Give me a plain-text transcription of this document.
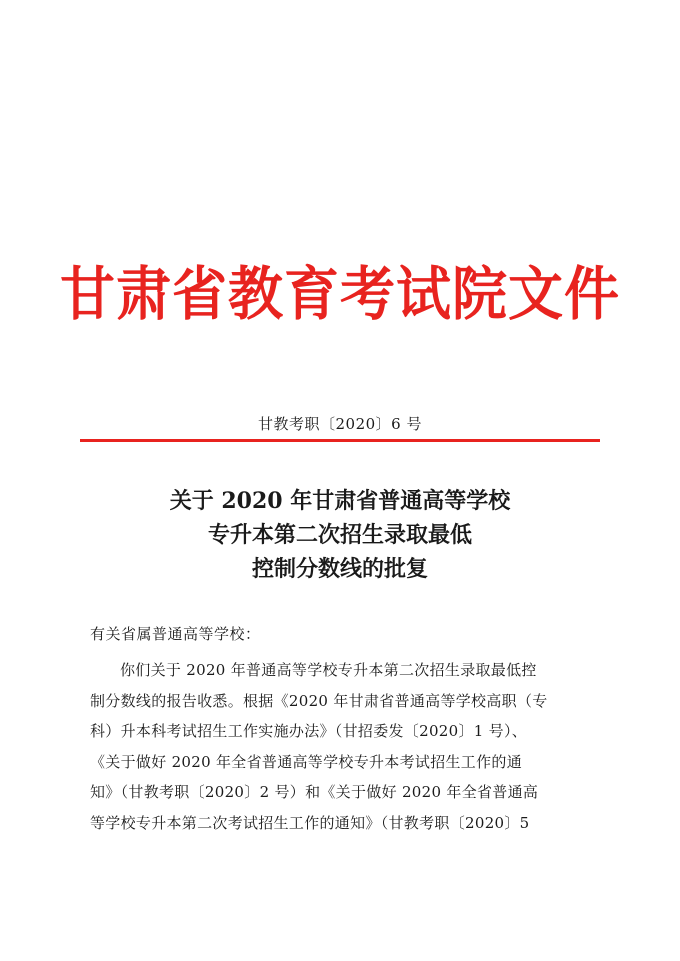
甘肃省教育考试院文件
甘教考职〔2020〕6 号
关于 2020 年甘肃省普通高等学校
专升本第二次招生录取最低
控制分数线的批复
有关省属普通高等学校：
你们关于 2020 年普通高等学校专升本第二次招生录取最低控
制分数线的报告收悉。根据《2020 年甘肃省普通高等学校高职（专
科）升本科考试招生工作实施办法》（甘招委发〔2020〕1 号）、
《关于做好 2020 年全省普通高等学校专升本考试招生工作的通
知》（甘教考职〔2020〕2 号）和《关于做好 2020 年全省普通高
等学校专升本第二次考试招生工作的通知》（甘教考职〔2020〕5
